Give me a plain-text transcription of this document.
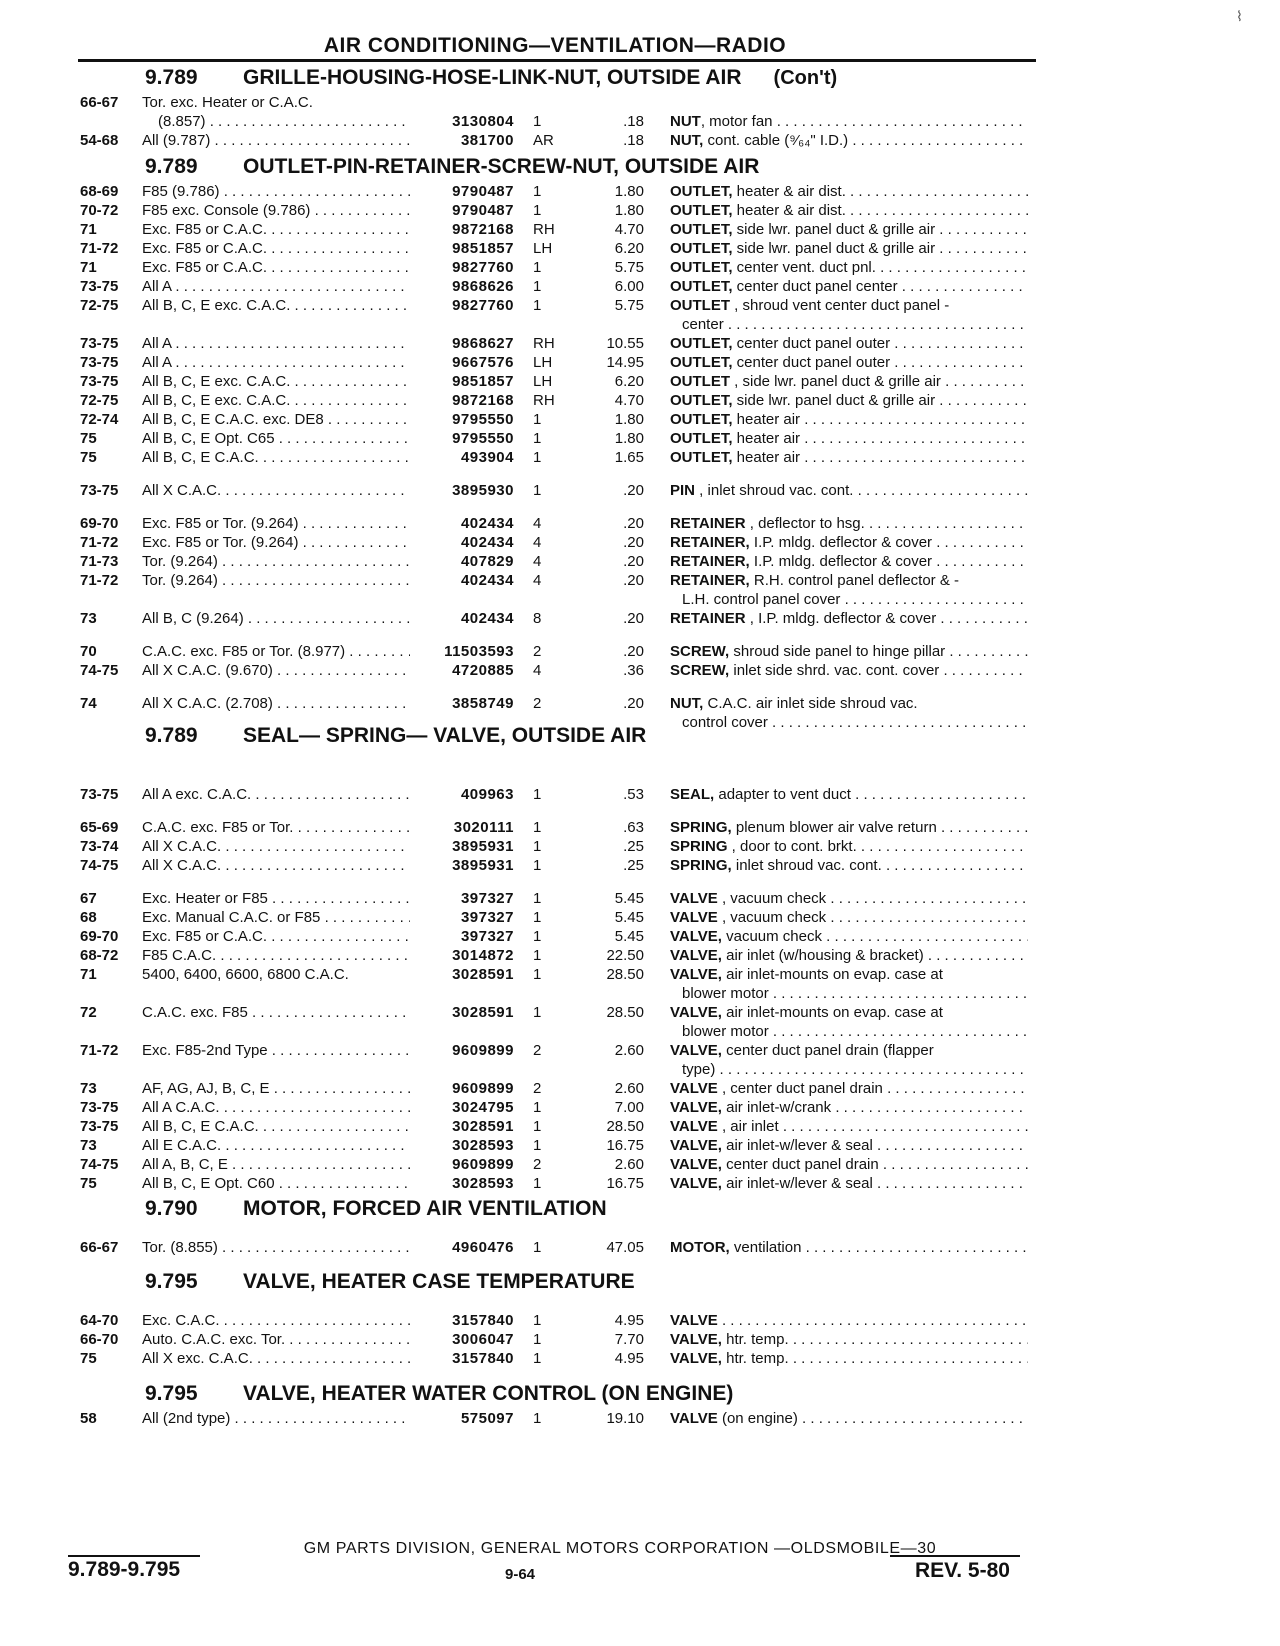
⌇
AIR CONDITIONING—VENTILATION—RADIO
9.789 GRILLE-HOUSING-HOSE-LINK-NUT, OUTSIDE AIR (Con't)
66-67 Tor. exc. Heater or C.A.C.
(8.857) . . .	3130804 1	.18 NUT, motor fan . . .
54-68 All (9.787) . . .	381700 AR	.18 NUT, cont. cable (⁹⁄₆₄" I.D.) . . .
9.789 OUTLET-PIN-RETAINER-SCREW-NUT, OUTSIDE AIR
68-69 F85 (9.786) . . .	9790487 1	1.80 OUTLET, heater & air dist. . . .
70-72 F85 exc. Console (9.786) . . .	9790487 1	1.80 OUTLET, heater & air dist. . . .
71	Exc. F85 or C.A.C. . . .	9872168 RH	4.70 OUTLET, side lwr. panel duct & grille air . . .
71-72 Exc. F85 or C.A.C. . . .	9851857 LH	6.20 OUTLET, side lwr. panel duct & grille air . . .
71	Exc. F85 or C.A.C. . . .	9827760 1	5.75 OUTLET, center vent. duct pnl. . . .
73-75 All A . . .	9868626 1	6.00 OUTLET, center duct panel center . . .
72-75 All B, C, E exc. C.A.C. . . .	9827760 1	5.75 OUTLET , shroud vent center duct panel -
center . . .
73-75 All A . . .	9868627 RH	10.55 OUTLET, center duct panel outer . . .
73-75 All A . . .	9667576 LH	14.95 OUTLET, center duct panel outer . . .
73-75 All B, C, E exc. C.A.C. . . .	9851857 LH	6.20 OUTLET , side lwr. panel duct & grille air . . .
72-75 All B, C, E exc. C.A.C. . . .	9872168 RH	4.70 OUTLET, side lwr. panel duct & grille air . . .
72-74 All B, C, E C.A.C. exc. DE8 . . .	9795550 1	1.80 OUTLET, heater air . . .
75	All B, C, E Opt. C65 . . .	9795550 1	1.80 OUTLET, heater air . . .
75	All B, C, E C.A.C. . . .	493904 1	1.65 OUTLET, heater air . . .
73-75 All X C.A.C. . . .	3895930 1	.20 PIN , inlet shroud vac. cont. . . .
69-70 Exc. F85 or Tor. (9.264) . . .	402434 4	.20 RETAINER , deflector to hsg. . . .
71-72 Exc. F85 or Tor. (9.264) . . .	402434 4	.20 RETAINER, I.P. mldg. deflector & cover . . .
71-73 Tor. (9.264) . . .	407829 4	.20 RETAINER, I.P. mldg. deflector & cover . . .
71-72 Tor. (9.264) . . .	402434 4	.20 RETAINER, R.H. control panel deflector & -
L.H. control panel cover . . .
73	All B, C (9.264) . . .	402434 8	.20 RETAINER , I.P. mldg. deflector & cover . . .
70	C.A.C. exc. F85 or Tor. (8.977) . . .	11503593 2	.20 SCREW, shroud side panel to hinge pillar . . .
74-75 All X C.A.C. (9.670) . . .	4720885 4	.36 SCREW, inlet side shrd. vac. cont. cover . . .
74	All X C.A.C. (2.708) . . .	3858749 2	.20 NUT, C.A.C. air inlet side shroud vac.
control cover . . .
9.789 SEAL— SPRING— VALVE, OUTSIDE AIR
73-75 All A exc. C.A.C. . . .	409963 1	.53 SEAL, adapter to vent duct . . .
65-69 C.A.C. exc. F85 or Tor. . . .	3020111 1	.63 SPRING, plenum blower air valve return . . .
73-74 All X C.A.C. . . .	3895931 1	.25 SPRING , door to cont. brkt. . . .
74-75 All X C.A.C. . . .	3895931 1	.25 SPRING, inlet shroud vac. cont. . . .
67	Exc. Heater or F85 . . .	397327 1	5.45 VALVE , vacuum check . . .
68	Exc. Manual C.A.C. or F85 . . .	397327 1	5.45 VALVE , vacuum check . . .
69-70 Exc. F85 or C.A.C. . . .	397327 1	5.45 VALVE, vacuum check . . .
68-72 F85 C.A.C. . . .	3014872 1	22.50 VALVE, air inlet (w/housing & bracket) . . .
71	5400, 6400, 6600, 6800 C.A.C.	3028591 1	28.50 VALVE, air inlet-mounts on evap. case at
blower motor . . .
72	C.A.C. exc. F85 . . .	3028591 1	28.50 VALVE, air inlet-mounts on evap. case at
blower motor . . .
71-72 Exc. F85-2nd Type . . .	9609899 2	2.60 VALVE, center duct panel drain (flapper
type) . . .
73	AF, AG, AJ, B, C, E . . .	9609899 2	2.60 VALVE , center duct panel drain . . .
73-75 All A C.A.C. . . .	3024795 1	7.00 VALVE, air inlet-w/crank . . .
73-75 All B, C, E C.A.C. . . .	3028591 1	28.50 VALVE , air inlet . . .
73	All E C.A.C. . . .	3028593 1	16.75 VALVE, air inlet-w/lever & seal . . .
74-75 All A, B, C, E . . .	9609899 2	2.60 VALVE, center duct panel drain . . .
75	All B, C, E Opt. C60 . . .	3028593 1	16.75 VALVE, air inlet-w/lever & seal . . .
9.790 MOTOR, FORCED AIR VENTILATION
66-67 Tor. (8.855) . . .	4960476 1	47.05 MOTOR, ventilation . . .
9.795 VALVE, HEATER CASE TEMPERATURE
64-70 Exc. C.A.C. . . .	3157840 1	4.95 VALVE . . .
66-70 Auto. C.A.C. exc. Tor. . . .	3006047 1	7.70 VALVE, htr. temp. . . .
75	All X exc. C.A.C. . . .	3157840 1	4.95 VALVE, htr. temp. . . .
9.795 VALVE, HEATER WATER CONTROL (ON ENGINE)
58	All (2nd type) . . .	575097 1	19.10 VALVE (on engine) . . .
GM PARTS DIVISION, GENERAL MOTORS CORPORATION —OLDSMOBILE—30
9.789-9.795	9-64	REV. 5-80
